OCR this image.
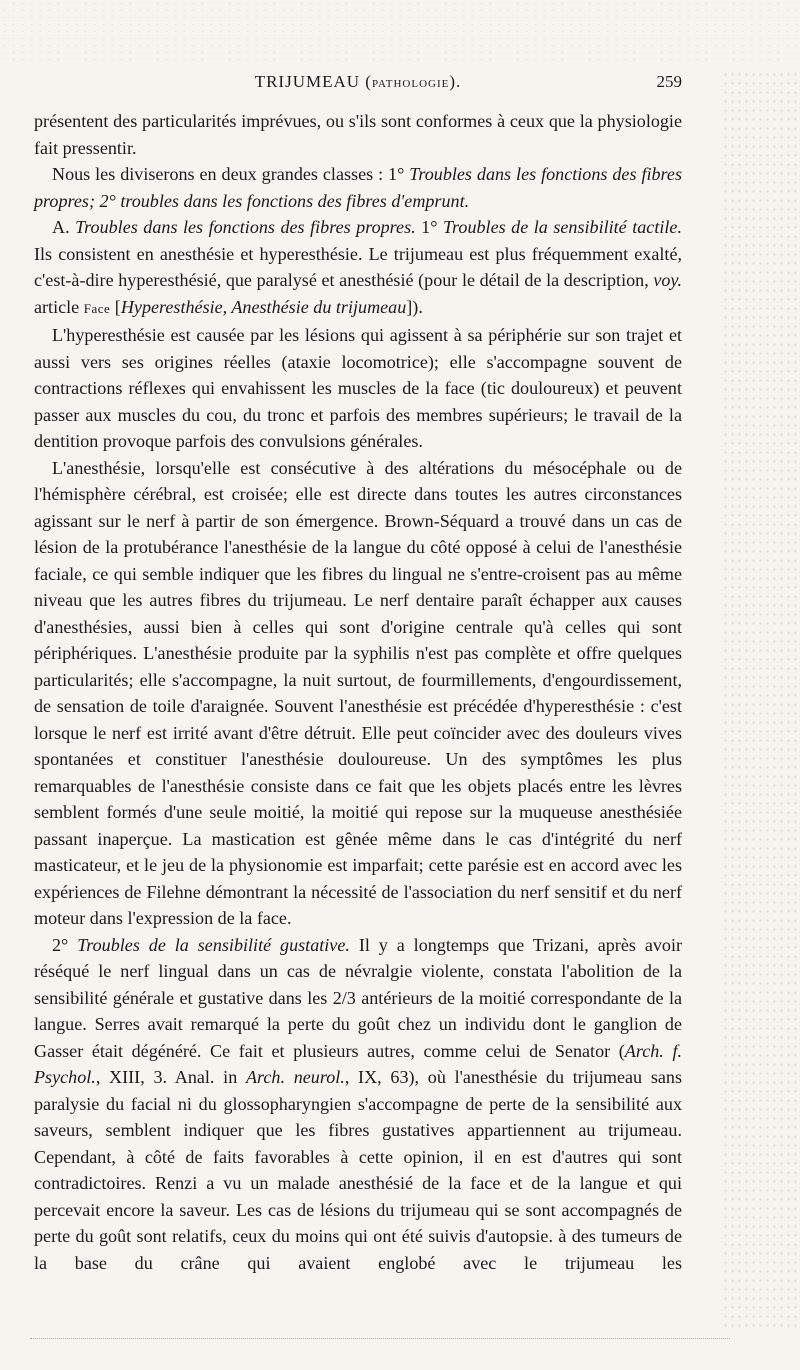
TRIJUMEAU (PATHOLOGIE).	259

présentent des particularités imprévues, ou s'ils sont conformes à ceux que la physiologie fait pressentir.

Nous les diviserons en deux grandes classes : 1° Troubles dans les fonctions des fibres propres; 2° troubles dans les fonctions des fibres d'emprunt.

A. Troubles dans les fonctions des fibres propres. 1° Troubles de la sensibilité tactile. Ils consistent en anesthésie et hyperesthésie. Le trijumeau est plus fréquemment exalté, c'est-à-dire hyperesthésié, que paralysé et anesthésié (pour le détail de la description, voy. article Face [Hyperesthésie, Anesthésie du trijumeau]).

L'hyperesthésie est causée par les lésions qui agissent à sa périphérie sur son trajet et aussi vers ses origines réelles (ataxie locomotrice); elle s'accompagne souvent de contractions réflexes qui envahissent les muscles de la face (tic douloureux) et peuvent passer aux muscles du cou, du tronc et parfois des membres supérieurs; le travail de la dentition provoque parfois des convulsions générales.

L'anesthésie, lorsqu'elle est consécutive à des altérations du mésocéphale ou de l'hémisphère cérébral, est croisée; elle est directe dans toutes les autres circonstances agissant sur le nerf à partir de son émergence. Brown-Séquard a trouvé dans un cas de lésion de la protubérance l'anesthésie de la langue du côté opposé à celui de l'anesthésie faciale, ce qui semble indiquer que les fibres du lingual ne s'entre-croisent pas au même niveau que les autres fibres du trijumeau. Le nerf dentaire paraît échapper aux causes d'anesthésies, aussi bien à celles qui sont d'origine centrale qu'à celles qui sont périphériques. L'anesthésie produite par la syphilis n'est pas complète et offre quelques particularités; elle s'accompagne, la nuit surtout, de fourmillements, d'engourdissement, de sensation de toile d'araignée. Souvent l'anesthésie est précédée d'hyperesthésie : c'est lorsque le nerf est irrité avant d'être détruit. Elle peut coïncider avec des douleurs vives spontanées et constituer l'anesthésie douloureuse. Un des symptômes les plus remarquables de l'anesthésie consiste dans ce fait que les objets placés entre les lèvres semblent formés d'une seule moitié, la moitié qui repose sur la muqueuse anesthésiée passant inaperçue. La mastication est gênée même dans le cas d'intégrité du nerf masticateur, et le jeu de la physionomie est imparfait; cette parésie est en accord avec les expériences de Filehne démontrant la nécessité de l'association du nerf sensitif et du nerf moteur dans l'expression de la face.

2° Troubles de la sensibilité gustative. Il y a longtemps que Trizani, après avoir réséqué le nerf lingual dans un cas de névralgie violente, constata l'abolition de la sensibilité générale et gustative dans les 2/3 antérieurs de la moitié correspondante de la langue. Serres avait remarqué la perte du goût chez un individu dont le ganglion de Gasser était dégénéré. Ce fait et plusieurs autres, comme celui de Senator (Arch. f. Psychol., XIII, 3. Anal. in Arch. neurol., IX, 63), où l'anesthésie du trijumeau sans paralysie du facial ni du glossopharyngien s'accompagne de perte de la sensibilité aux saveurs, semblent indiquer que les fibres gustatives appartiennent au trijumeau. Cependant, à côté de faits favorables à cette opinion, il en est d'autres qui sont contradictoires. Renzi a vu un malade anesthésié de la face et de la langue et qui percevait encore la saveur. Les cas de lésions du trijumeau qui se sont accompagnés de perte du goût sont relatifs, ceux du moins qui ont été suivis d'autopsie. à des tumeurs de la base du crâne qui avaient englobé avec le trijumeau les
